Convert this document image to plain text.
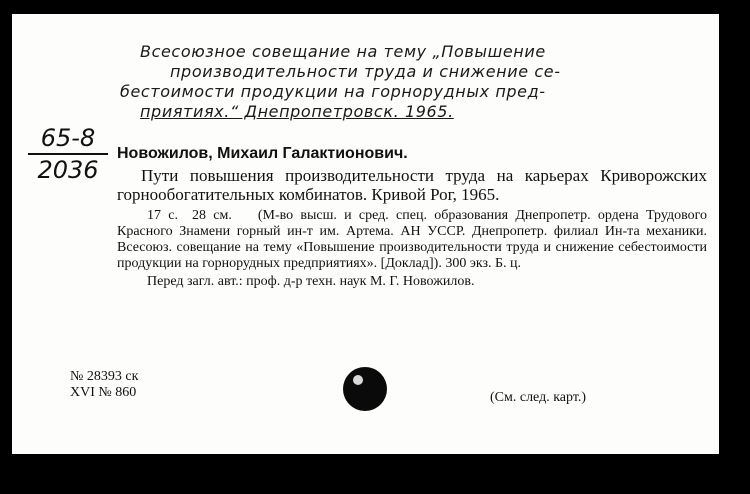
Всесоюзное совещание на тему „Повышение
производительности труда и снижение се-
бестоимости продукции на горнорудных пред-
приятиях.“ Днепропетровск. 1965.
65-8
2036
Новожилов, Михаил Галактионович.
Пути повышения производительности труда на карьерах Криворожских горнообогатительных комбинатов. Кривой Рог, 1965.
17 с. 28 см. (М-во высш. и сред. спец. образования Днепропетр. ордена Трудового Красного Знамени горный ин-т им. Артема. АН УССР. Днепропетр. филиал Ин-та механики. Всесоюз. совещание на тему «Повышение производительности труда и снижение себестоимости продукции на горнорудных предприятиях». [Доклад]). 300 экз. Б. ц.
Перед загл. авт.: проф. д-р техн. наук М. Г. Новожилов.
№ 28393 ск
XVI № 860	(См. след. карт.)
